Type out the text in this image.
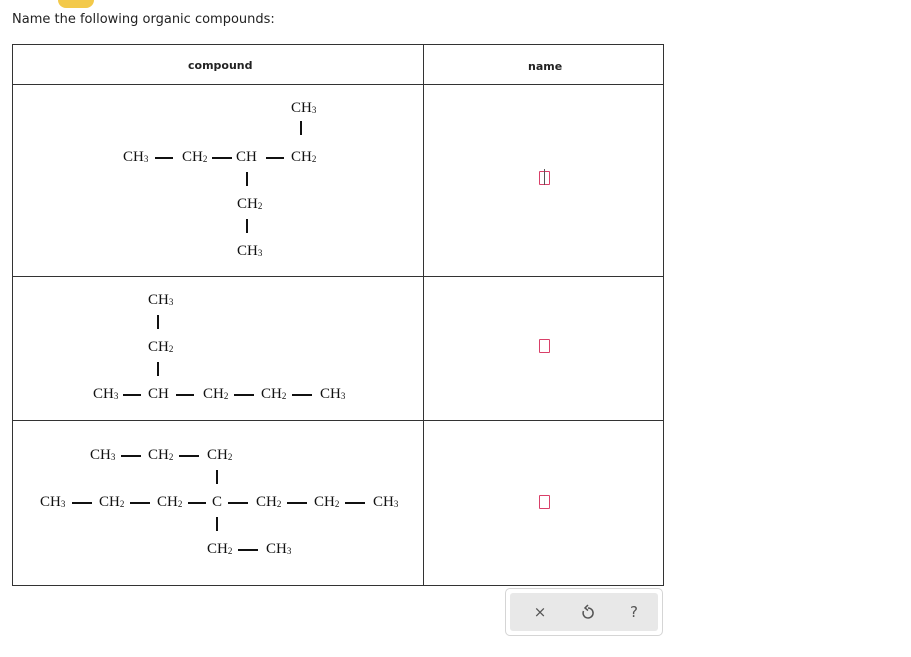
Name the following organic compounds:
compound	name
$CH_3$
$CH_3$ $CH_2$ CH $CH_2$
$CH_2$
$CH_3$
$CH_3$
$CH_2$
$CH_3$ CH $CH_2$ $CH_2$ $CH_3$
$CH_3$ $CH_2$ $CH_2$
$CH_3$ $CH_2$ $CH_2$ C $CH_2$ $CH_2$ $CH_3$
$CH_2$ $CH_3$
×	?
